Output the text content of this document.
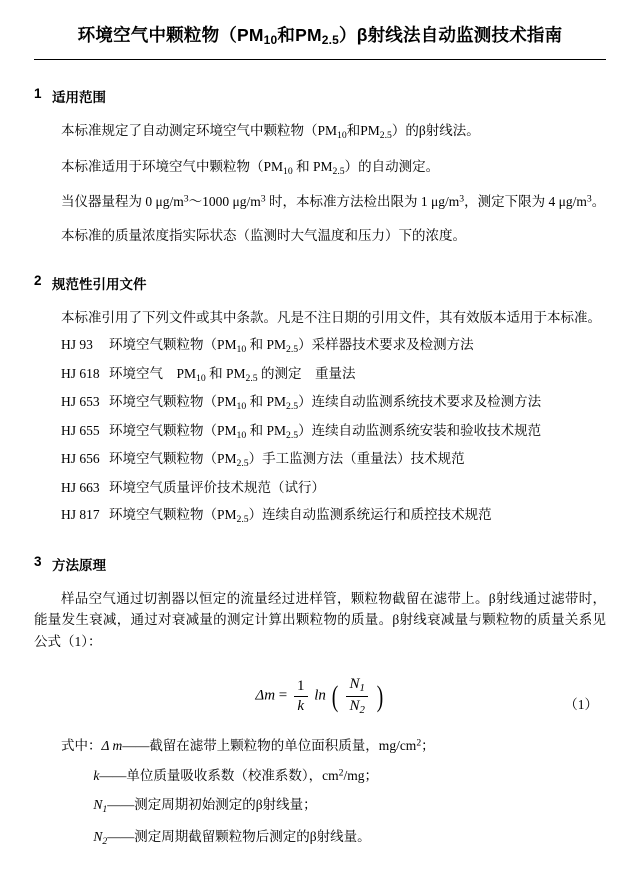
环境空气中颗粒物（$PM_{10}$和$PM_{2.5})\beta$射线法自动监测技术指南
1 适用范围

本标准规定了自动测定环境空气中颗粒物（$PM_{10}$和$PM_{2.5}$）的β射线法。

本标准适用于环境空气中颗粒物（$PM_{10}$ 和 $PM_{2.5}$）的自动测定。

当仪器量程为 0 $\mu g/m^3\sim 1000$ $\mu g/m^3$ 时，本标准方法检出限为 1 $\mu g/m^3$，测定下限为 4 $\mu g/m^3$。

本标准的质量浓度指实际状态（监测时大气温度和压力）下的浓度。

2 规范性引用文件

本标准引用了下列文件或其中条款。凡是不注日期的引用文件，其有效版本适用于本标准。

HJ 93 环境空气颗粒物（$PM_{10}$ 和 $PM_{2.5}$）采样器技术要求及检测方法
HJ 618 环境空气　$PM_{10}$ 和 $PM_{2.5}$ 的测定　重量法
HJ 653 环境空气颗粒物（$PM_{10}$ 和 $PM_{2.5}$）连续自动监测系统技术要求及检测方法
HJ 655 环境空气颗粒物（$PM_{10}$ 和 $PM_{2.5}$）连续自动监测系统安装和验收技术规范
HJ 656 环境空气颗粒物$(PM_{2.5})$手工监测方法（重量法）技术规范
HJ 663 环境空气质量评价技术规范（试行）
HJ 817 环境空气颗粒物$(PM_{2.5})$连续自动监测系统运行和质控技术规范
3 方法原理

样品空气通过切割器以恒定的流量经过进样管，颗粒物截留在滤带上。β射线通过滤带时，能量发生衰减，通过对衰减量的测定计算出颗粒物的质量。β射线衰减量与颗粒物的质量关系见公式（1）：

$\Delta m = \frac{1}{k}$ ln ( $\frac{N_1}{N_2}$ )	（1）
式中：Δ m——截留在滤带上颗粒物的单位面积质量，$mg/cm^2$；
k——单位质量吸收系数（校准系数），$cm^2/mg$；
$N_1——$测定周期初始测定的β射线量；
$N_2——$测定周期截留颗粒物后测定的β射线量。
